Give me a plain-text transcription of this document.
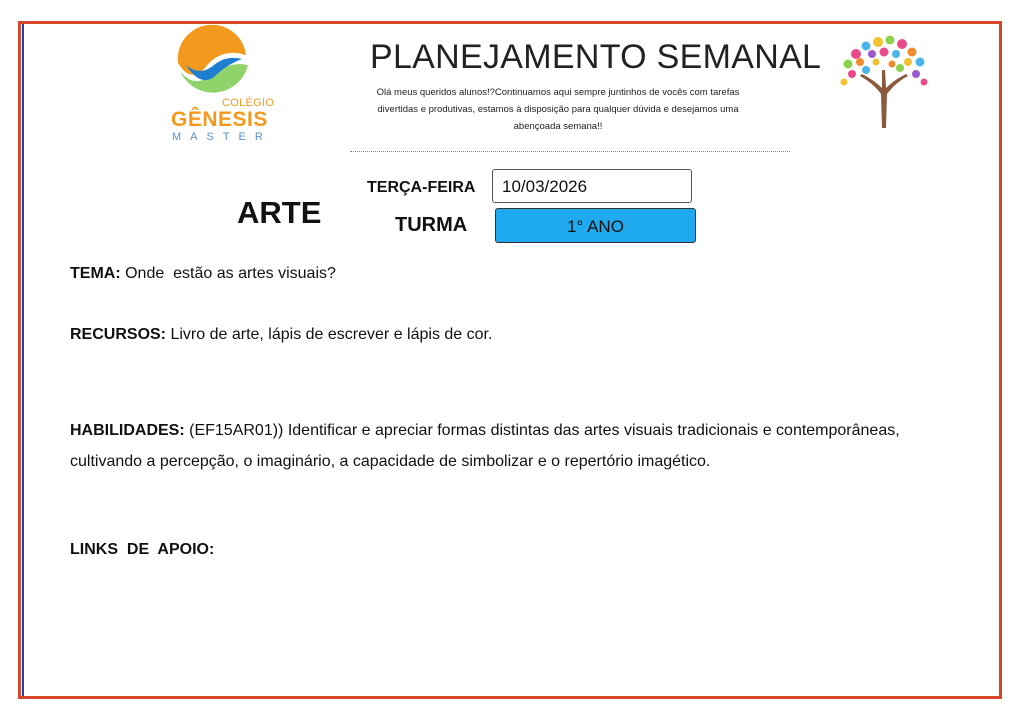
COLÉGIO
GÊNESIS
MASTER
PLANEJAMENTO SEMANAL
Olá meus queridos alunos!?Continuamos aqui sempre juntinhos de vocês com tarefas divertidas e produtivas, estamos à disposição para qualquer dúvida e desejamos uma abençoada semana!!
ARTE
TERÇA-FEIRA	10/03/2026
TURMA	1° ANO
TEMA: Onde  estão as artes visuais?
RECURSOS: Livro de arte, lápis de escrever e lápis de cor.
HABILIDADES: (EF15AR01)) Identificar e apreciar formas distintas das artes visuais tradicionais e contemporâneas, cultivando a percepção, o imaginário, a capacidade de simbolizar e o repertório imagético.
LINKS  DE  APOIO:
